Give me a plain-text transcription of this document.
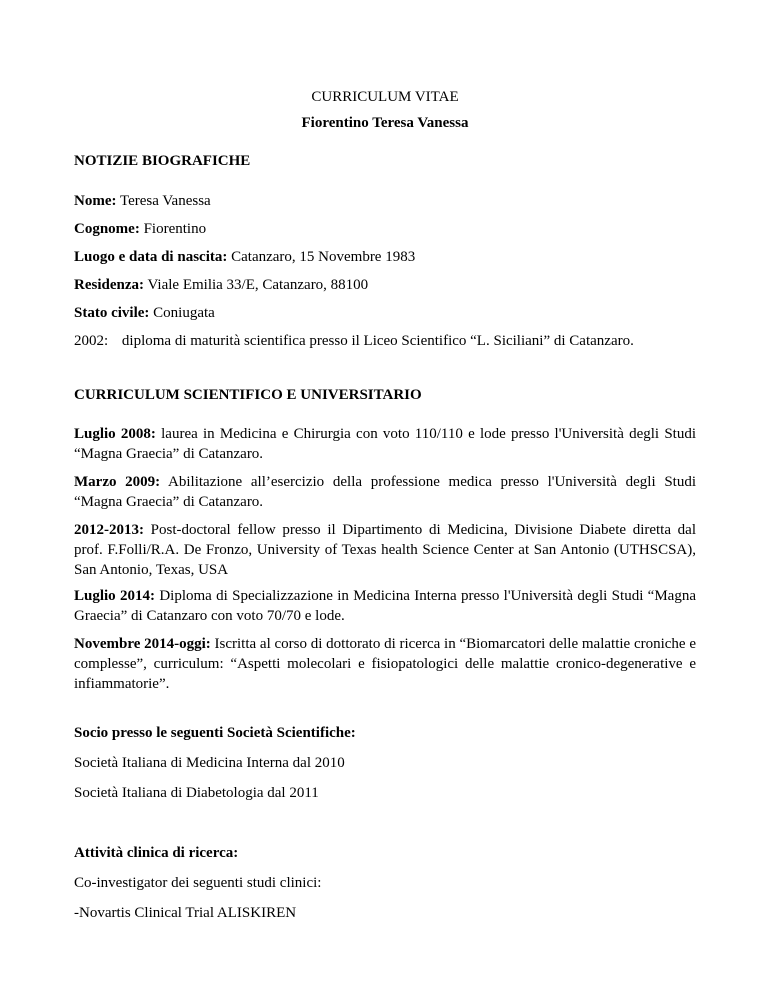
CURRICULUM VITAE
Fiorentino Teresa Vanessa
NOTIZIE BIOGRAFICHE

Nome: Teresa Vanessa

Cognome: Fiorentino

Luogo e data di nascita: Catanzaro, 15 Novembre 1983

Residenza: Viale Emilia 33/E, Catanzaro, 88100

Stato civile: Coniugata

2002: diploma di maturità scientifica presso il Liceo Scientifico “L. Siciliani” di Catanzaro.

CURRICULUM SCIENTIFICO E UNIVERSITARIO

Luglio 2008: laurea in Medicina e Chirurgia con voto 110/110 e lode presso l'Università degli Studi “Magna Graecia” di Catanzaro.

Marzo 2009: Abilitazione all’esercizio della professione medica presso l'Università degli Studi “Magna Graecia” di Catanzaro.

2012-2013: Post-doctoral fellow presso il Dipartimento di Medicina, Divisione Diabete diretta dal prof. F.Folli/R.A. De Fronzo, University of Texas health Science Center at San Antonio (UTHSCSA), San Antonio, Texas, USA

Luglio 2014: Diploma di Specializzazione in Medicina Interna presso l'Università degli Studi “Magna Graecia” di Catanzaro con voto 70/70 e lode.

Novembre 2014-oggi: Iscritta al corso di dottorato di ricerca in “Biomarcatori delle malattie croniche e complesse”, curriculum: “Aspetti molecolari e fisiopatologici delle malattie cronico-degenerative e infiammatorie”.

Socio presso le seguenti Società Scientifiche:

Società Italiana di Medicina Interna dal 2010

Società Italiana di Diabetologia dal 2011

Attività clinica di ricerca:

Co-investigator dei seguenti studi clinici:

-Novartis Clinical Trial ALISKIREN
